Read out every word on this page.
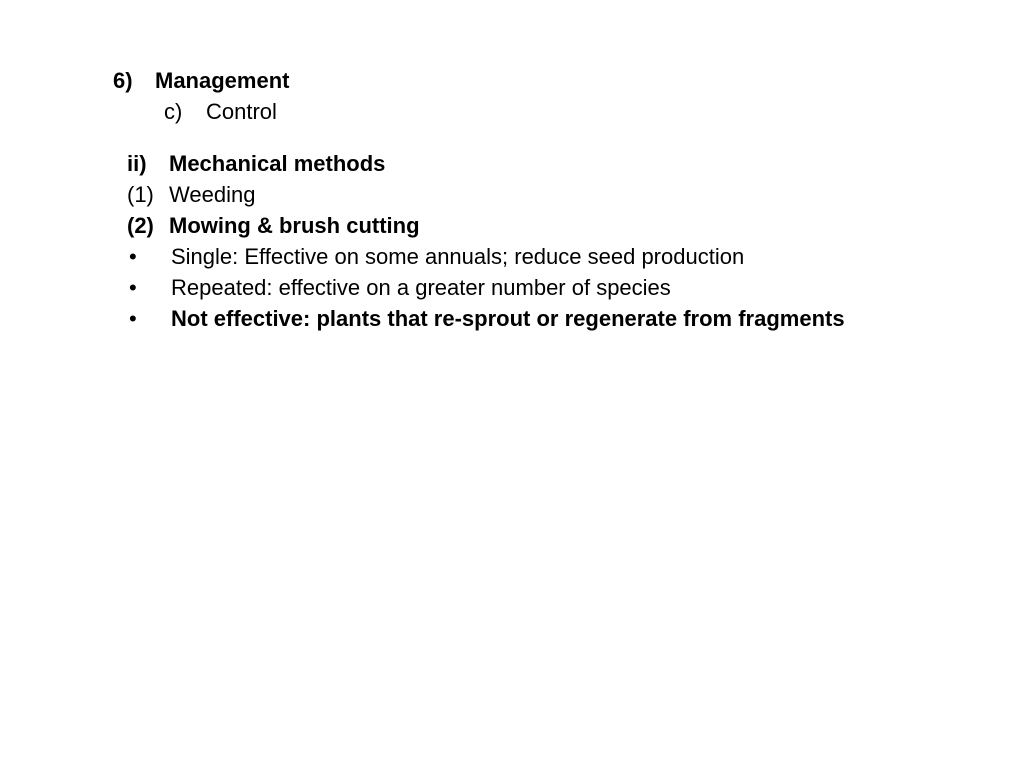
6)	Management
c)	Control
ii)	Mechanical methods
(1) Weeding
(2) Mowing & brush cutting
•	Single: Effective on some annuals; reduce seed production
•	Repeated: effective on a greater number of species
•	Not effective: plants that re-sprout or regenerate from fragments
